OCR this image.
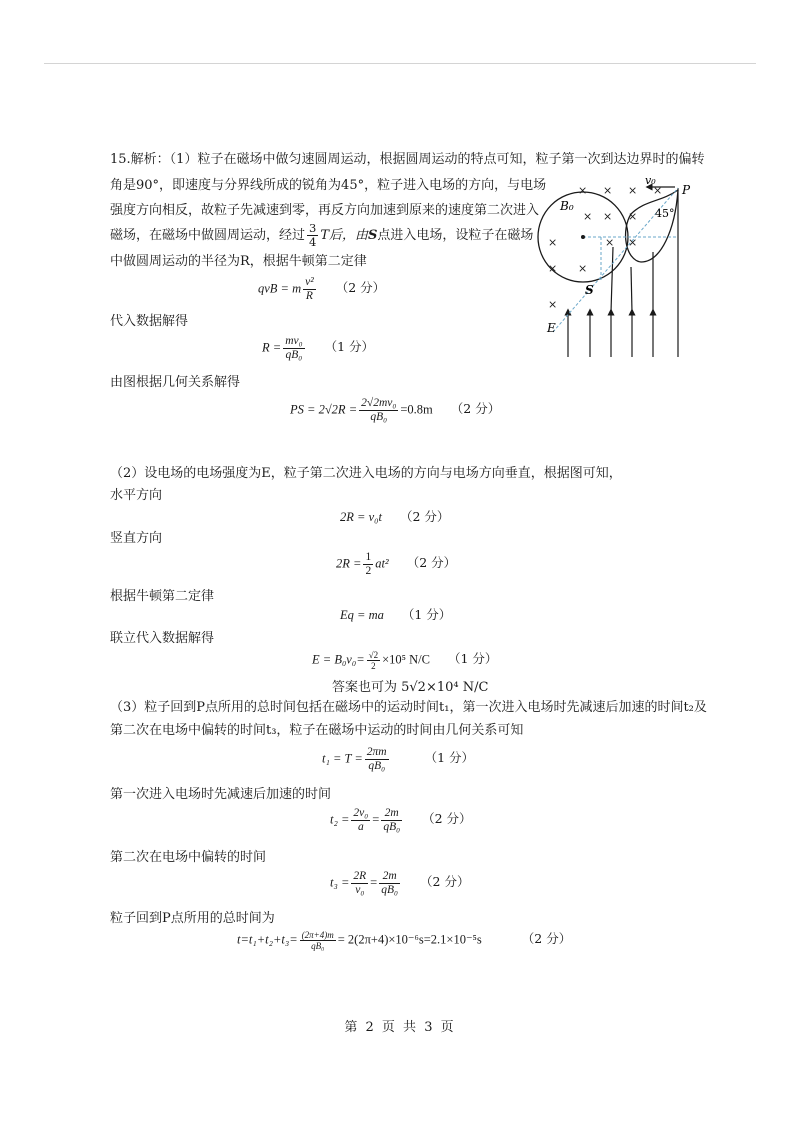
15.解析：（1）粒子在磁场中做匀速圆周运动，根据圆周运动的特点可知，粒子第一次到达边界时的偏转
角是90°，即速度与分界线所成的锐角为45°，粒子进入电场的方向，与电场
强度方向相反，故粒子先减速到零，再反方向加速到原来的速度第二次进入
磁场，在磁场中做圆周运动，经过 $\frac{3}{4}$ T后，由S点进入电场，设粒子在磁场
中做圆周运动的半径为R，根据牛顿第二定律
qvB = m $\frac{\text{v²}}{R} (2$ 分）
代入数据解得
$R = \frac{\text{mv₀}}{\text{qB₀}} (1$ 分）
由图根据几何关系解得
PS = $2√2R = \frac{\text{2√2mv₀}}{\text{qB₀}} =0.8m$ （2 分）
（2）设电场的电场强度为E，粒子第二次进入电场的方向与电场方向垂直，根据图可知，
水平方向
2R = v₀t （2 分）
竖直方向
$2R = \frac{1}{2} at^2$ （2 分）
根据牛顿第二定律
Eq = ma （1 分）
联立代入数据解得
$E = B_0v_0= \frac{√2}{2} \times 10^5$ N/C （1 分）
答案也可为 5√2×10⁴ N/C
（3）粒子回到P点所用的总时间包括在磁场中的运动时间t₁，第一次进入电场时先减速后加速的时间t₂及
第二次在电场中偏转的时间t₃，粒子在磁场中运动的时间由几何关系可知
$t_1 = T = \frac{2\pi m}{\text{qB₀}}$	（1 分）
第一次进入电场时先减速后加速的时间
$t_2 = \frac{\text{2v₀}}{a} = \frac{2m}{\text{qB₀}} (2$ 分）
第二次在电场中偏转的时间
$t_3 = \frac{2R}{\text{v₀}} = \frac{2m}{\text{qB₀}} (2$ 分）
粒子回到P点所用的总时间为
$t=t_1+t_2+t_3= \frac{(2\pi+4)m}{\text{qB₀}} = 2(2\pi+4)\times 10^{-6}s=2.1\times 10^{-5}s$	（2 分）
B₀
v₀
P
45°
S
E
× × × ×
× × ×
×	× ×
× ×
×
第 2 页 共 3 页
